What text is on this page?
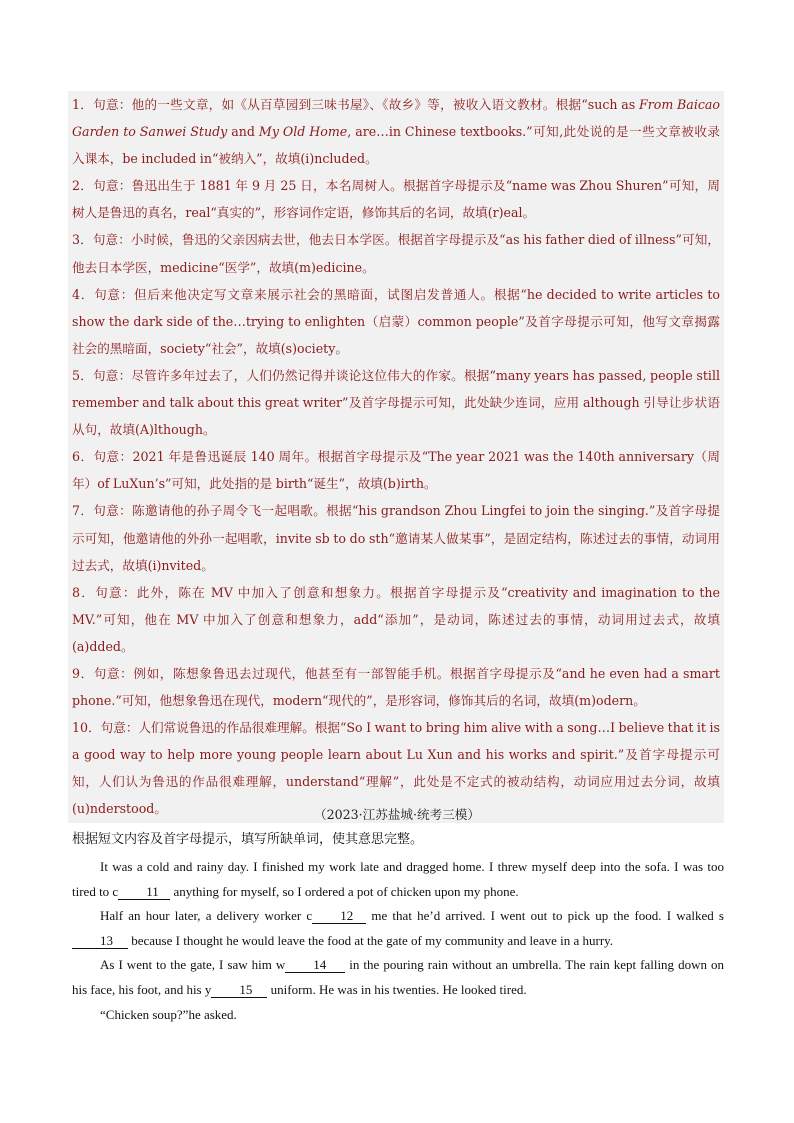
1．句意：他的一些文章，如《从百草园到三味书屋》、《故乡》等，被收入语文教材。根据“such as From Baicao Garden to Sanwei Study and My Old Home, are…in Chinese textbooks.”可知,此处说的是一些文章被收录入课本，be included in“被纳入”，故填(i)ncluded。

2．句意：鲁迅出生于 1881 年 9 月 25 日，本名周树人。根据首字母提示及“name was Zhou Shuren”可知，周树人是鲁迅的真名，real“真实的”，形容词作定语，修饰其后的名词，故填(r)eal。

3．句意：小时候，鲁迅的父亲因病去世，他去日本学医。根据首字母提示及“as his father died of illness”可知，他去日本学医，medicine“医学”，故填(m)edicine。

4．句意：但后来他决定写文章来展示社会的黑暗面，试图启发普通人。根据“he decided to write articles to show the dark side of the…trying to enlighten（启蒙）common people”及首字母提示可知，他写文章揭露社会的黑暗面，society“社会”，故填(s)ociety。

5．句意：尽管许多年过去了，人们仍然记得并谈论这位伟大的作家。根据“many years has passed, people still remember and talk about this great writer”及首字母提示可知，此处缺少连词，应用 although 引导让步状语从句，故填(A)lthough。

6．句意：2021 年是鲁迅诞辰 140 周年。根据首字母提示及“The year 2021 was the 140th anniversary（周年）of LuXun’s”可知，此处指的是 birth“诞生”，故填(b)irth。

7．句意：陈邀请他的孙子周令飞一起唱歌。根据“his grandson Zhou Lingfei to join the singing.”及首字母提示可知，他邀请他的外孙一起唱歌，invite sb to do sth“邀请某人做某事”，是固定结构，陈述过去的事情，动词用过去式，故填(i)nvited。

8．句意：此外，陈在 MV 中加入了创意和想象力。根据首字母提示及“creativity and imagination to the MV.”可知，他在 MV 中加入了创意和想象力，add“添加”，是动词，陈述过去的事情，动词用过去式，故填(a)dded。

9．句意：例如，陈想象鲁迅去过现代，他甚至有一部智能手机。根据首字母提示及“and he even had a smart phone.”可知，他想象鲁迅在现代，modern“现代的”，是形容词，修饰其后的名词，故填(m)odern。

10．句意：人们常说鲁迅的作品很难理解。根据“So I want to bring him alive with a song…I believe that it is a good way to help more young people learn about Lu Xun and his works and spirit.”及首字母提示可知，人们认为鲁迅的作品很难理解，understand“理解”，此处是不定式的被动结构，动词应用过去分词，故填(u)nderstood。	（2023·江苏盐城·统考三模）
根据短文内容及首字母提示，填写所缺单词，使其意思完整。

It was a cold and rainy day. I finished my work late and dragged home. I threw myself deep into the sofa. I was too tired to c 11 anything for myself, so I ordered a pot of chicken upon my phone.

Half an hour later, a delivery worker c 12 me that he’d arrived. I went out to pick up the food. I walked s13 because I thought he would leave the food at the gate of my community and leave in a hurry.

As I went to the gate, I saw him w 14 in the pouring rain without an umbrella. The rain kept falling down on his face, his foot, and his y 15 uniform. He was in his twenties. He looked tired.

“Chicken soup?”he asked.
